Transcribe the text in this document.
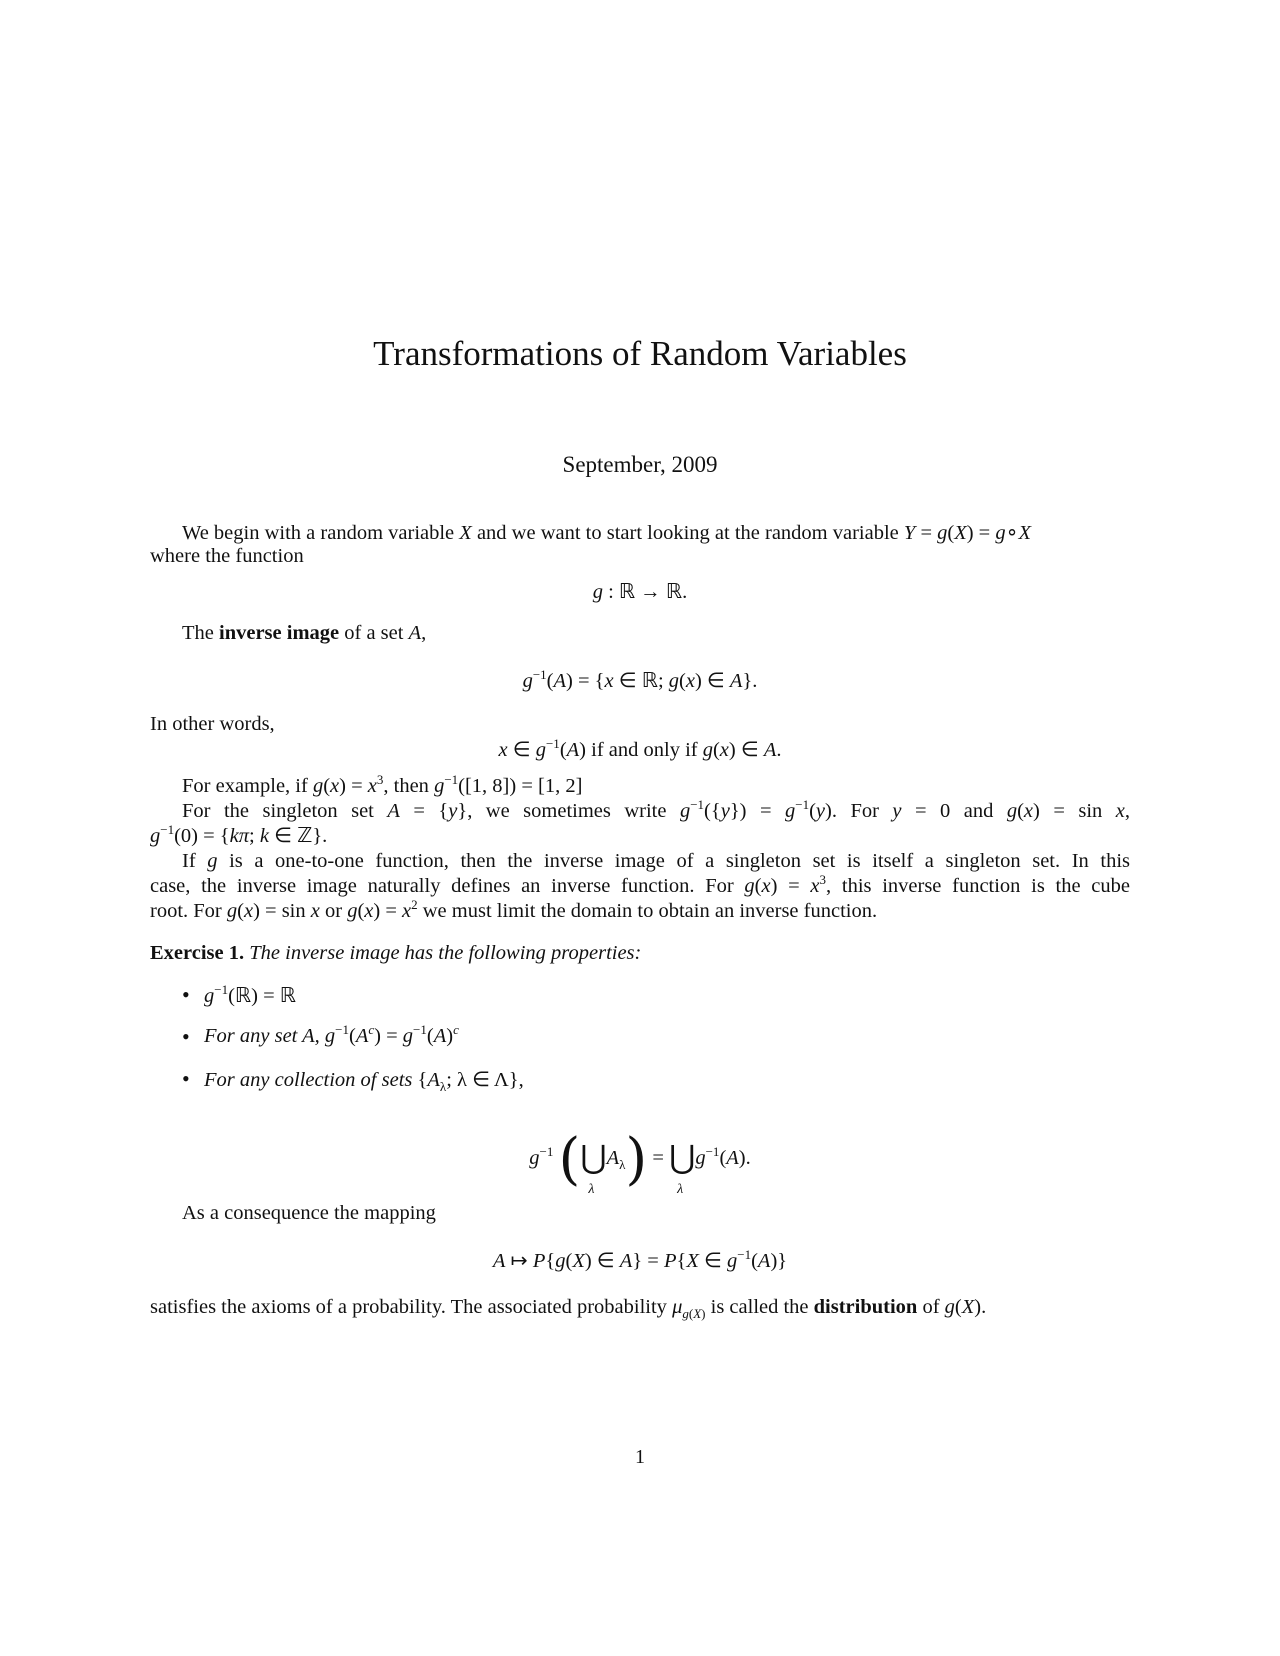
Transformations of Random Variables
September, 2009
We begin with a random variable X and we want to start looking at the random variable Y = g(X) = g∘X
where the function
g : ℝ → ℝ.
The inverse image of a set A,
$g^{-1}(A) = \{x$ ∈ ℝ; g(x) ∈ A}.
In other words,
x ∈ $g^{-1}(A)$ if and only if g(x) ∈ A.
For example, if $g(x) = x^3$, then $g^{-1}([1$, 8]) = [1, 2]
For the singleton set A = {y}, we sometimes write $g^{-1}(\{y\}) = g^{-1}(y)$. For y = 0 and g(x) = sin x,
$g^{-1}(0) = \{k\pi$; k ∈ ℤ}.
If g is a one-to-one function, then the inverse image of a singleton set is itself a singleton set. In this
case, the inverse image naturally defines an inverse function. For $g(x) = x^3$, this inverse function is the cube
root. For g(x) = sin x or $g(x) = x^2$ we must limit the domain to obtain an inverse function.
Exercise 1. The inverse image has the following properties:
• $g^{-1}(ℝ)$ = ℝ
• For any set A, $g^{-1}(A^c) = g^{-1}(A)^c$
• For any collection of sets {$A_\lambda$; λ ∈ Λ},
$g^{-1}$ (⋃
λ
$A_\lambda$) = ⋃
λ
$g^{-1}(A)$.
As a consequence the mapping
A ↦ P{g(X) ∈ A} = P{X ∈ $g^{-1}(A)$}
satisfies the axioms of a probability. The associated probability $\mu_{g(X)}$ is called the distribution of g(X).
1
